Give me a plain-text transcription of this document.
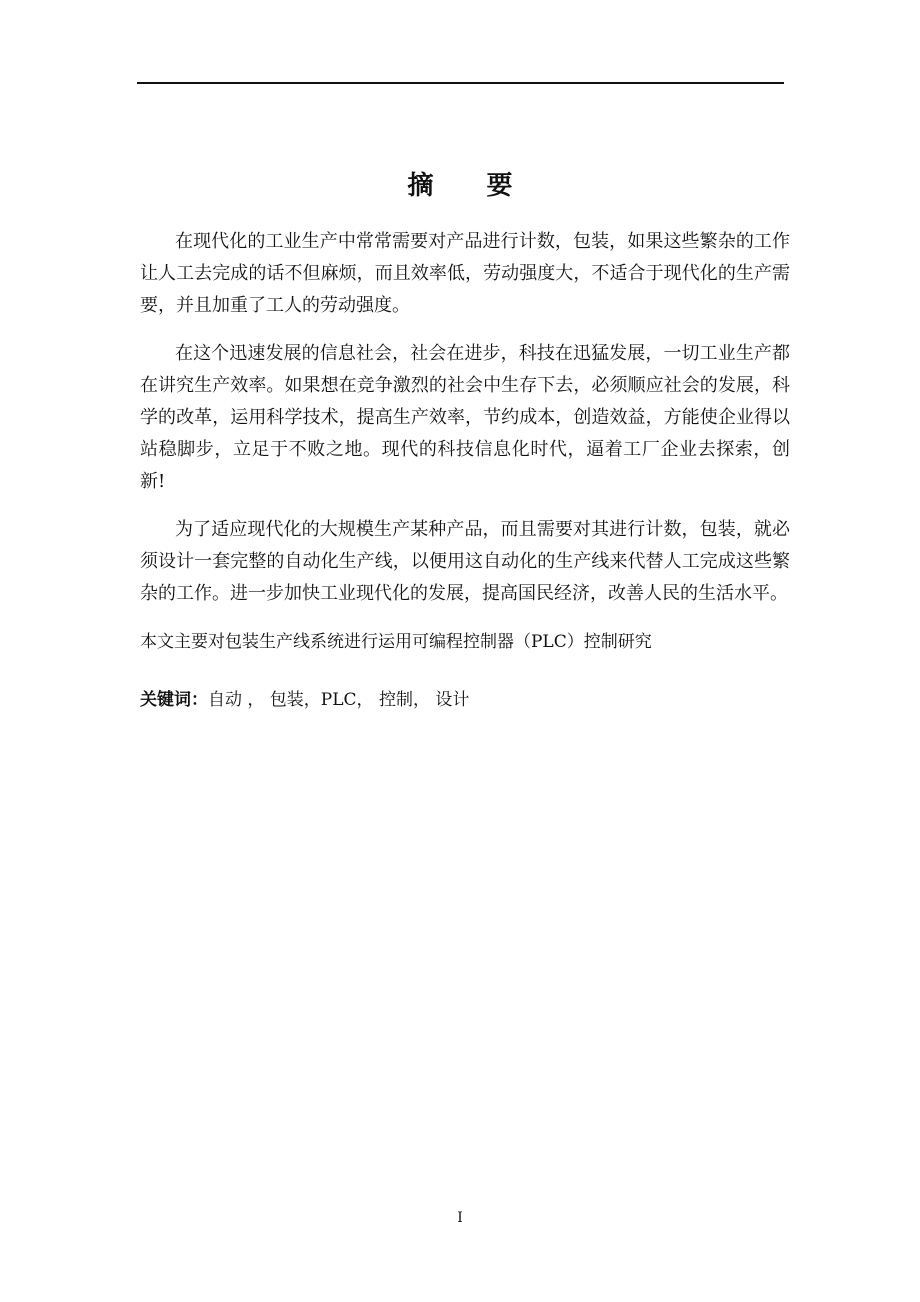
摘 要

在现代化的工业生产中常常需要对产品进行计数，包装，如果这些繁杂的工作让人工去完成的话不但麻烦，而且效率低，劳动强度大，不适合于现代化的生产需要，并且加重了工人的劳动强度。

在这个迅速发展的信息社会，社会在进步，科技在迅猛发展，一切工业生产都在讲究生产效率。如果想在竞争激烈的社会中生存下去，必须顺应社会的发展，科学的改革，运用科学技术，提高生产效率，节约成本，创造效益，方能使企业得以站稳脚步，立足于不败之地。现代的科技信息化时代，逼着工厂企业去探索，创新!

为了适应现代化的大规模生产某种产品，而且需要对其进行计数，包装，就必须设计一套完整的自动化生产线，以便用这自动化的生产线来代替人工完成这些繁杂的工作。进一步加快工业现代化的发展，提高国民经济，改善人民的生活水平。

本文主要对包装生产线系统进行运用可编程控制器（PLC）控制研究

关键词：自动 ， 包装，PLC， 控制， 设计

I
